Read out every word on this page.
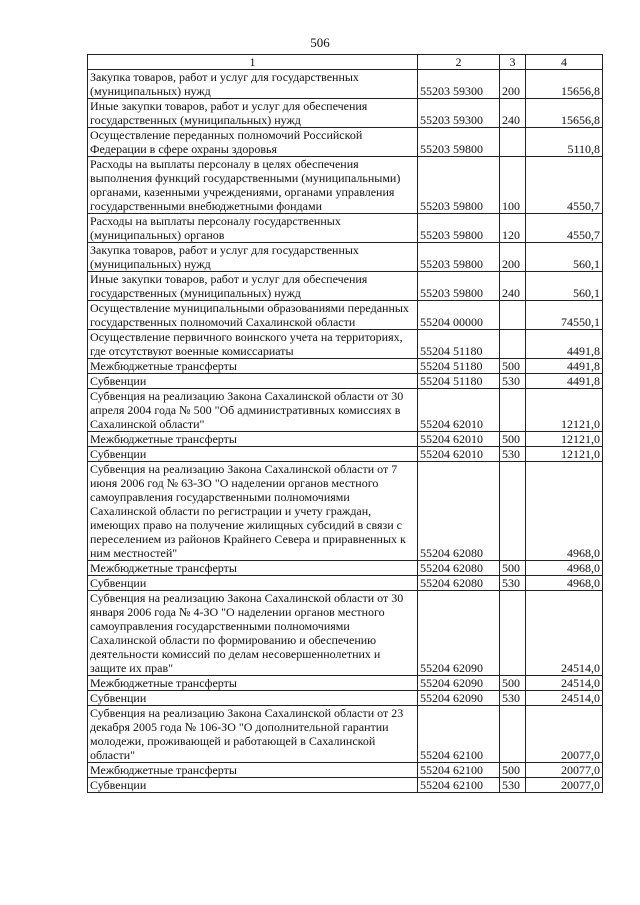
506
1	2	3	4
Закупка товаров, работ и услуг для государственных (муниципальных) нужд	55203 59300	200	15656,8
Иные закупки товаров, работ и услуг для обеспечения государственных (муниципальных) нужд	55203 59300	240	15656,8
Осуществление переданных полномочий Российской Федерации в сфере охраны здоровья	55203 59800		5110,8
Расходы на выплаты персоналу в целях обеспечения выполнения функций государственными (муниципальными) органами, казенными учреждениями, органами управления государственными внебюджетными фондами	55203 59800	100	4550,7
Расходы на выплаты персоналу государственных (муниципальных) органов	55203 59800	120	4550,7
Закупка товаров, работ и услуг для государственных (муниципальных) нужд	55203 59800	200	560,1
Иные закупки товаров, работ и услуг для обеспечения государственных (муниципальных) нужд	55203 59800	240	560,1
Осуществление муниципальными образованиями переданных государственных полномочий Сахалинской области	55204 00000		74550,1
Осуществление первичного воинского учета на территориях, где отсутствуют военные комиссариаты	55204 51180		4491,8
Межбюджетные трансферты	55204 51180	500	4491,8
Субвенции	55204 51180	530	4491,8
Субвенция на реализацию Закона Сахалинской области от 30 апреля 2004 года № 500 "Об административных комиссиях в Сахалинской области"	55204 62010		12121,0
Межбюджетные трансферты	55204 62010	500	12121,0
Субвенции	55204 62010	530	12121,0
Субвенция на реализацию Закона Сахалинской области от 7 июня 2006 год № 63-ЗО "О наделении органов местного самоуправления государственными полномочиями Сахалинской области по регистрации и учету граждан, имеющих право на получение жилищных субсидий в связи с переселением из районов Крайнего Севера и приравненных к ним местностей"	55204 62080		4968,0
Межбюджетные трансферты	55204 62080	500	4968,0
Субвенции	55204 62080	530	4968,0
Субвенция на реализацию Закона Сахалинской области от 30 января 2006 года № 4-ЗО "О наделении органов местного самоуправления государственными полномочиями Сахалинской области по формированию и обеспечению деятельности комиссий по делам несовершеннолетних и защите их прав"	55204 62090		24514,0
Межбюджетные трансферты	55204 62090	500	24514,0
Субвенции	55204 62090	530	24514,0
Субвенция на реализацию Закона Сахалинской области от 23 декабря 2005 года № 106-ЗО "О дополнительной гарантии молодежи, проживающей и работающей в Сахалинской области"	55204 62100		20077,0
Межбюджетные трансферты	55204 62100	500	20077,0
Субвенции	55204 62100	530	20077,0
